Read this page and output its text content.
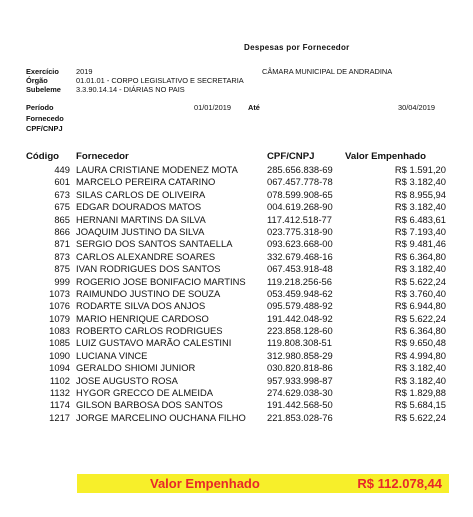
Despesas por Fornecedor
Exercício 2019	CÂMARA MUNICIPAL DE ANDRADINA
Órgão	01.01.01 - CORPO LEGISLATIVO E SECRETARIA
Subeleme 3.3.90.14.14 - DIÁRIAS NO PAIS
Período	01/01/2019 Até	30/04/2019
Fornecedo
CPF/CNPJ
Código Fornecedor	CPF/CNPJ	Valor Empenhado
449 LAURA CRISTIANE MODENEZ MOTA	285.656.838-69	R$ 1.591,20
601 MARCELO PEREIRA CATARINO	067.457.778-78	R$ 3.182,40
673 SILAS CARLOS DE OLIVEIRA	078.599.908-65	R$ 8.955,94
675 EDGAR DOURADOS MATOS	004.619.268-90	R$ 3.182,40
865 HERNANI MARTINS DA SILVA	117.412.518-77	R$ 6.483,61
866 JOAQUIM JUSTINO DA SILVA	023.775.318-90	R$ 7.193,40
871 SERGIO DOS SANTOS SANTAELLA	093.623.668-00	R$ 9.481,46
873 CARLOS ALEXANDRE SOARES	332.679.468-16	R$ 6.364,80
875 IVAN RODRIGUES DOS SANTOS	067.453.918-48	R$ 3.182,40
999 ROGERIO JOSE BONIFACIO MARTINS	119.218.256-56	R$ 5.622,24
1073 RAIMUNDO JUSTINO DE SOUZA	053.459.948-62	R$ 3.760,40
1076 RODARTE SILVA DOS ANJOS	095.579.488-92	R$ 6.944,80
1079 MARIO HENRIQUE CARDOSO	191.442.048-92	R$ 5.622,24
1083 ROBERTO CARLOS RODRIGUES	223.858.128-60	R$ 6.364,80
1085 LUIZ GUSTAVO MARÃO CALESTINI	119.808.308-51	R$ 9.650,48
1090 LUCIANA VINCE	312.980.858-29	R$ 4.994,80
1094 GERALDO SHIOMI JUNIOR	030.820.818-86	R$ 3.182,40
1102 JOSE AUGUSTO ROSA	957.933.998-87	R$ 3.182,40
1132 HYGOR GRECCO DE ALMEIDA	274.629.038-30	R$ 1.829,88
1174 GILSON BARBOSA DOS SANTOS	191.442.568-50	R$ 5.684,15
1217 JORGE MARCELINO OUCHANA FILHO	221.853.028-76	R$ 5.622,24
Valor Empenhado	R$ 112.078,44
